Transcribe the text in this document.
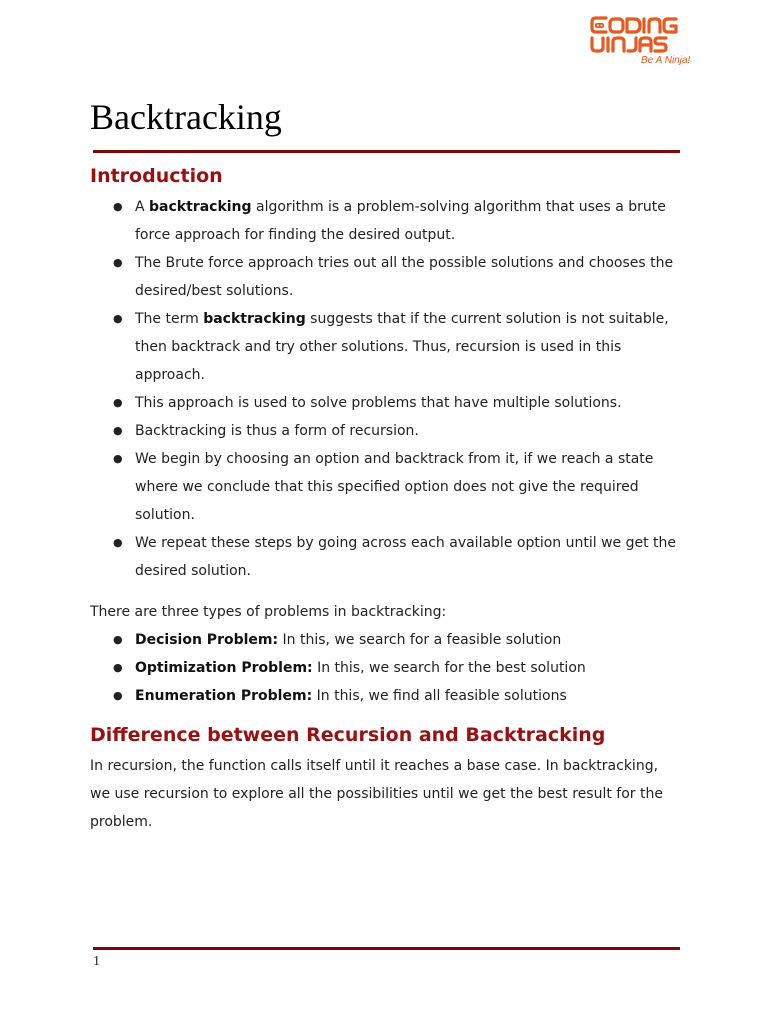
Be A Ninja!
Backtracking
Introduction
● A backtracking algorithm is a problem-solving algorithm that uses a brute force approach for finding the desired output.
● The Brute force approach tries out all the possible solutions and chooses the desired/best solutions.
● The term backtracking suggests that if the current solution is not suitable, then backtrack and try other solutions. Thus, recursion is used in this approach.
● This approach is used to solve problems that have multiple solutions.
● Backtracking is thus a form of recursion.
● We begin by choosing an option and backtrack from it, if we reach a state where we conclude that this specified option does not give the required solution.
● We repeat these steps by going across each available option until we get the desired solution.

There are three types of problems in backtracking:

● Decision Problem: In this, we search for a feasible solution
● Optimization Problem: In this, we search for the best solution
● Enumeration Problem: In this, we find all feasible solutions
Difference between Recursion and Backtracking

In recursion, the function calls itself until it reaches a base case. In backtracking, we use recursion to explore all the possibilities until we get the best result for the problem.

1
